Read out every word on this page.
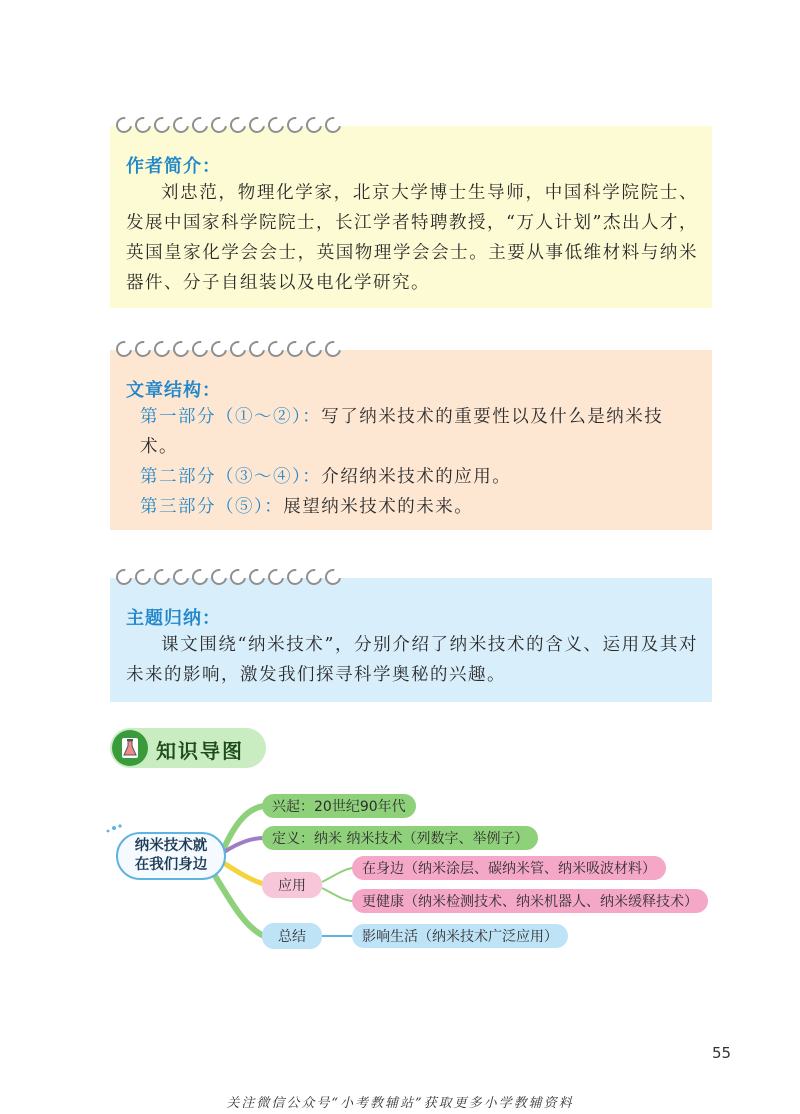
作者简介：
刘忠范，物理化学家，北京大学博士生导师，中国科学院院士、发展中国家科学院院士，长江学者特聘教授，“万人计划”杰出人才，英国皇家化学会会士，英国物理学会会士。主要从事低维材料与纳米器件、分子自组装以及电化学研究。
文章结构：
第一部分（①～②）：写了纳米技术的重要性以及什么是纳米技术。
第二部分（③～④）：介绍纳米技术的应用。
第三部分（⑤）：展望纳米技术的未来。
主题归纳：
课文围绕“纳米技术”，分别介绍了纳米技术的含义、运用及其对未来的影响，激发我们探寻科学奥秘的兴趣。
知识导图
纳米技术就
在我们身边
兴起：20世纪90年代
定义：纳米 纳米技术（列数字、举例子）
应用
在身边（纳米涂层、碳纳米管、纳米吸波材料）
更健康（纳米检测技术、纳米机器人、纳米缓释技术）
总结	影响生活（纳米技术广泛应用）
55
关注微信公众号“小考教辅站”获取更多小学教辅资料
